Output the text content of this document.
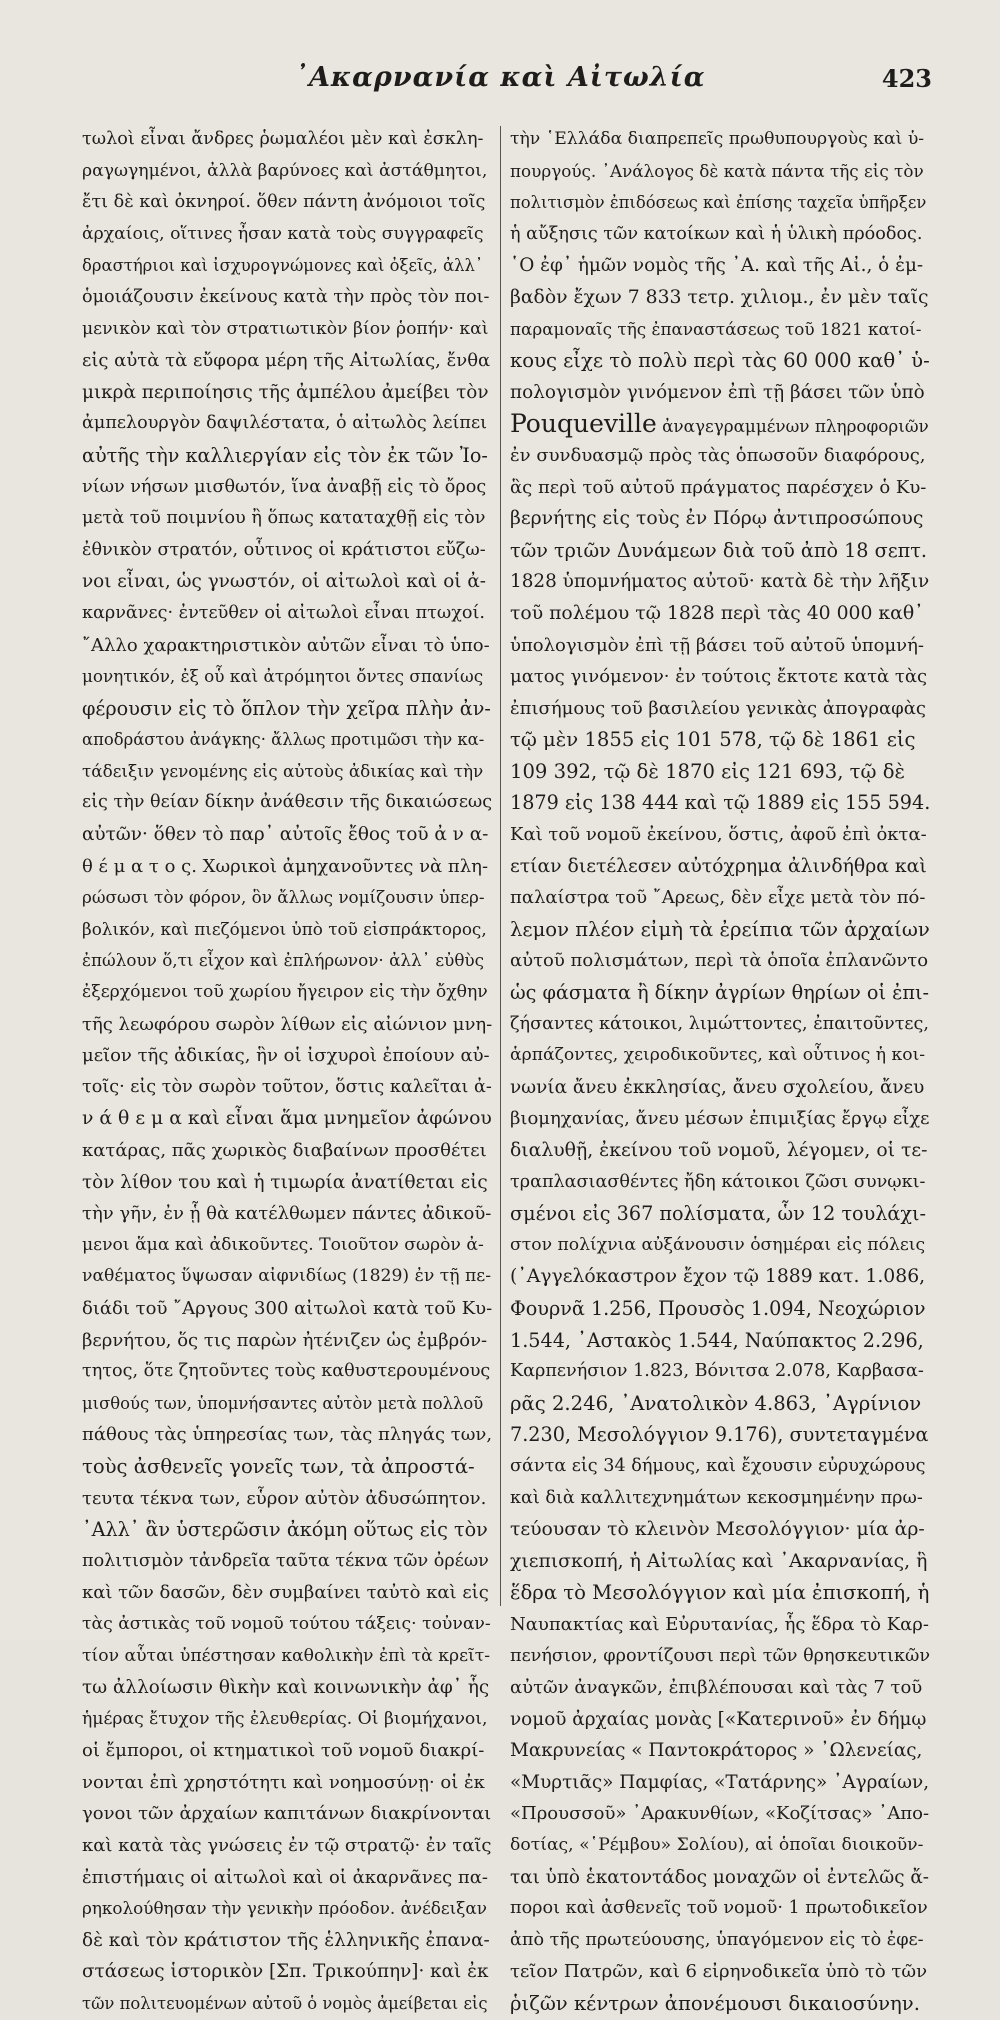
᾿Ακαρνανία καὶ Αἰτωλία	423
τωλοὶ εἶναι ἄνδρες ῥωμαλέοι μὲν καὶ ἐσκλη-
ραγωγημένοι, ἀλλὰ βαρύνοες καὶ ἀστάθμητοι,
ἔτι δὲ καὶ ὀκνηροί. ὅθεν πάντη ἀνόμοιοι τοῖς
ἀρχαίοις, οἵτινες ἦσαν κατὰ τοὺς συγγραφεῖς
δραστήριοι καὶ ἰσχυρογνώμονες καὶ ὀξεῖς, ἀλλ᾿
ὁμοιάζουσιν ἐκείνους κατὰ τὴν πρὸς τὸν ποι-
μενικὸν καὶ τὸν στρατιωτικὸν βίον ῥοπήν· καὶ
εἰς αὐτὰ τὰ εὔφορα μέρη τῆς Αἰτωλίας, ἔνθα
μικρὰ περιποίησις τῆς ἀμπέλου ἀμείβει τὸν
ἀμπελουργὸν δαψιλέστατα, ὁ αἰτωλὸς λείπει
αὐτῆς τὴν καλλιεργίαν εἰς τὸν ἐκ τῶν Ἰο-
νίων νήσων μισθωτόν, ἵνα ἀναβῇ εἰς τὸ ὄρος
μετὰ τοῦ ποιμνίου ἢ ὅπως καταταχθῇ εἰς τὸν
ἐθνικὸν στρατόν, οὗτινος οἱ κράτιστοι εὔζω-
νοι εἶναι, ὡς γνωστόν, οἱ αἰτωλοὶ καὶ οἱ ἀ-
καρνᾶνες· ἐντεῦθεν οἱ αἰτωλοὶ εἶναι πτωχοί.
῎Αλλο χαρακτηριστικὸν αὐτῶν εἶναι τὸ ὑπο-
μονητικόν, ἐξ οὗ καὶ ἀτρόμητοι ὄντες σπανίως
φέρουσιν εἰς τὸ ὅπλον τὴν χεῖρα πλὴν ἀν-
αποδράστου ἀνάγκης· ἄλλως προτιμῶσι τὴν κα-
τάδειξιν γενομένης εἰς αὐτοὺς ἀδικίας καὶ τὴν
εἰς τὴν θείαν δίκην ἀνάθεσιν τῆς δικαιώσεως
αὐτῶν· ὅθεν τὸ παρ᾿ αὐτοῖς ἔθος τοῦ ἀ ν α-
θ έ μ α τ ο ς. Χωρικοὶ ἀμηχανοῦντες νὰ πλη-
ρώσωσι τὸν φόρον, ὃν ἄλλως νομίζουσιν ὑπερ-
βολικόν, καὶ πιεζόμενοι ὑπὸ τοῦ εἰσπράκτορος,
ἐπώλουν ὅ,τι εἶχον καὶ ἐπλήρωνον· ἀλλ᾿ εὐθὺς
ἐξερχόμενοι τοῦ χωρίου ἤγειρον εἰς τὴν ὄχθην
τῆς λεωφόρου σωρὸν λίθων εἰς αἰώνιον μνη-
μεῖον τῆς ἀδικίας, ἣν οἱ ἰσχυροὶ ἐποίουν αὐ-
τοῖς· εἰς τὸν σωρὸν τοῦτον, ὅστις καλεῖται ἀ-
ν ά θ ε μ α καὶ εἶναι ἅμα μνημεῖον ἀφώνου
κατάρας, πᾶς χωρικὸς διαβαίνων προσθέτει
τὸν λίθον του καὶ ἡ τιμωρία ἀνατίθεται εἰς
τὴν γῆν, ἐν ᾗ θὰ κατέλθωμεν πάντες ἀδικοῦ-
μενοι ἅμα καὶ ἀδικοῦντες. Τοιοῦτον σωρὸν ἀ-
ναθέματος ὕψωσαν αἰφνιδίως (1829) ἐν τῇ πε-
διάδι τοῦ ῎Αργους 300 αἰτωλοὶ κατὰ τοῦ Κυ-
βερνήτου, ὅς τις παρὼν ἠτένιζεν ὡς ἐμβρόν-
τητος, ὅτε ζητοῦντες τοὺς καθυστερουμένους
μισθούς των, ὑπομνήσαντες αὐτὸν μετὰ πολλοῦ
πάθους τὰς ὑπηρεσίας των, τὰς πληγάς των,
τοὺς ἀσθενεῖς γονεῖς των, τὰ ἀπροστά-
τευτα τέκνα των, εὗρον αὐτὸν ἀδυσώπητον.
᾿Αλλ᾿ ἂν ὑστερῶσιν ἀκόμη οὕτως εἰς τὸν
πολιτισμὸν τἀνδρεῖα ταῦτα τέκνα τῶν ὀρέων
καὶ τῶν δασῶν, δὲν συμβαίνει ταὐτὸ καὶ εἰς
τὰς ἀστικὰς τοῦ νομοῦ τούτου τάξεις· τοὐναν-
τίον αὗται ὑπέστησαν καθολικὴν ἐπὶ τὰ κρεῖτ-
τω ἀλλοίωσιν θὶκὴν καὶ κοινωνικὴν ἀφ᾿ ἧς
ἡμέρας ἔτυχον τῆς ἐλευθερίας. Οἱ βιομήχανοι,
οἱ ἔμποροι, οἱ κτηματικοὶ τοῦ νομοῦ διακρί-
νονται ἐπὶ χρηστότητι καὶ νοημοσύνῃ· οἱ ἐκ
γονοι τῶν ἀρχαίων καπιτάνων διακρίνονται
καὶ κατὰ τὰς γνώσεις ἐν τῷ στρατῷ· ἐν ταῖς
ἐπιστήμαις οἱ αἰτωλοὶ καὶ οἱ ἀκαρνᾶνες πα-
ρηκολούθησαν τὴν γενικὴν πρόοδον. ἀνέδειξαν
δὲ καὶ τὸν κράτιστον τῆς ἑλληνικῆς ἐπανα-
στάσεως ἱστορικὸν [Σπ. Τρικούπην]· καὶ ἐκ
τῶν πολιτευομένων αὐτοῦ ὁ νομὸς ἀμείβεται εἰς
τὴν ῾Ελλάδα διαπρεπεῖς πρωθυπουργοὺς καὶ ὑ-
πουργούς. ᾿Ανάλογος δὲ κατὰ πάντα τῆς εἰς τὸν
πολιτισμὸν ἐπιδόσεως καὶ ἐπίσης ταχεῖα ὑπῆρξεν
ἡ αὔξησις τῶν κατοίκων καὶ ἡ ὑλικὴ πρόοδος.
῾Ο ἐφ᾿ ἡμῶν νομὸς τῆς ᾿Α. καὶ τῆς Αἰ., ὁ ἐμ-
βαδὸν ἔχων 7 833 τετρ. χιλιομ., ἐν μὲν ταῖς
παραμοναῖς τῆς ἐπαναστάσεως τοῦ 1821 κατοί-
κους εἶχε τὸ πολὺ περὶ τὰς 60 000 καθ᾿ ὑ-
πολογισμὸν γινόμενον ἐπὶ τῇ βάσει τῶν ὑπὸ
Pouqueville ἀναγεγραμμένων πληροφοριῶν
ἐν συνδυασμῷ πρὸς τὰς ὁπωσοῦν διαφόρους,
ἃς περὶ τοῦ αὐτοῦ πράγματος παρέσχεν ὁ Κυ-
βερνήτης εἰς τοὺς ἐν Πόρῳ ἀντιπροσώπους
τῶν τριῶν Δυνάμεων διὰ τοῦ ἀπὸ 18 σεπτ.
1828 ὑπομνήματος αὐτοῦ· κατὰ δὲ τὴν λῆξιν
τοῦ πολέμου τῷ 1828 περὶ τὰς 40 000 καθ᾿
ὑπολογισμὸν ἐπὶ τῇ βάσει τοῦ αὐτοῦ ὑπομνή-
ματος γινόμενον· ἐν τούτοις ἔκτοτε κατὰ τὰς
ἐπισήμους τοῦ βασιλείου γενικὰς ἀπογραφὰς
τῷ μὲν 1855 εἰς 101 578, τῷ δὲ 1861 εἰς
109 392, τῷ δὲ 1870 εἰς 121 693, τῷ δὲ
1879 εἰς 138 444 καὶ τῷ 1889 εἰς 155 594.
Καὶ τοῦ νομοῦ ἐκείνου, ὅστις, ἀφοῦ ἐπὶ ὀκτα-
ετίαν διετέλεσεν αὐτόχρημα ἀλινδήθρα καὶ
παλαίστρα τοῦ ῎Αρεως, δὲν εἶχε μετὰ τὸν πό-
λεμον πλέον εἰμὴ τὰ ἐρείπια τῶν ἀρχαίων
αὐτοῦ πολισμάτων, περὶ τὰ ὁποῖα ἐπλανῶντο
ὡς φάσματα ἢ δίκην ἀγρίων θηρίων οἱ ἐπι-
ζήσαντες κάτοικοι, λιμώττοντες, ἐπαιτοῦντες,
ἁρπάζοντες, χειροδικοῦντες, καὶ οὗτινος ἡ κοι-
νωνία ἄνευ ἐκκλησίας, ἄνευ σχολείου, ἄνευ
βιομηχανίας, ἄνευ μέσων ἐπιμιξίας ἔργῳ εἶχε
διαλυθῇ, ἐκείνου τοῦ νομοῦ, λέγομεν, οἱ τε-
τραπλασιασθέντες ἤδη κάτοικοι ζῶσι συνῳκι-
σμένοι εἰς 367 πολίσματα, ὧν 12 τουλάχι-
στον πολίχνια αὐξάνουσιν ὁσημέραι εἰς πόλεις
(᾿Αγγελόκαστρον ἔχον τῷ 1889 κατ. 1.086,
Φουρνᾶ 1.256, Προυσὸς 1.094, Νεοχώριον
1.544, ᾿Αστακὸς 1.544, Ναύπακτος 2.296,
Καρπενήσιον 1.823, Βόνιτσα 2.078, Καρβασα-
ρᾶς 2.246, ᾿Ανατολικὸν 4.863, ᾿Αγρίνιον
7.230, Μεσολόγγιον 9.176), συντεταγμένα
σάντα εἰς 34 δήμους, καὶ ἔχουσιν εὐρυχώρους
καὶ διὰ καλλιτεχνημάτων κεκοσμημένην πρω-
τεύουσαν τὸ κλεινὸν Μεσολόγγιον· μία ἀρ-
χιεπισκοπή, ἡ Αἰτωλίας καὶ ᾿Ακαρνανίας, ἣ
ἕδρα τὸ Μεσολόγγιον καὶ μία ἐπισκοπή, ἡ
Ναυπακτίας καὶ Εὐρυτανίας, ἧς ἕδρα τὸ Καρ-
πενήσιον, φροντίζουσι περὶ τῶν θρησκευτικῶν
αὐτῶν ἀναγκῶν, ἐπιβλέπουσαι καὶ τὰς 7 τοῦ
νομοῦ ἀρχαίας μονὰς [«Κατερινοῦ» ἐν δήμῳ
Μακρυνείας « Παντοκράτορος » ᾿Ωλενείας,
«Μυρτιᾶς» Παμφίας, «Τατάρνης» ᾿Αγραίων,
«Προυσσοῦ» ᾿Αρακυνθίων, «Κοζίτσας» ᾿Απο-
δοτίας, «῾Ρέμβου» Σολίου), αἱ ὁποῖαι διοικοῦν-
ται ὑπὸ ἑκατοντάδος μοναχῶν οἱ ἐντελῶς ἄ-
ποροι καὶ ἀσθενεῖς τοῦ νομοῦ· 1 πρωτοδικεῖον
ἀπὸ τῆς πρωτεύουσης, ὑπαγόμενον εἰς τὸ ἐφε-
τεῖον Πατρῶν, καὶ 6 εἰρηνοδικεῖα ὑπὸ τὸ τῶν
ῥιζῶν κέντρων ἀπονέμουσι δικαιοσύνην.
